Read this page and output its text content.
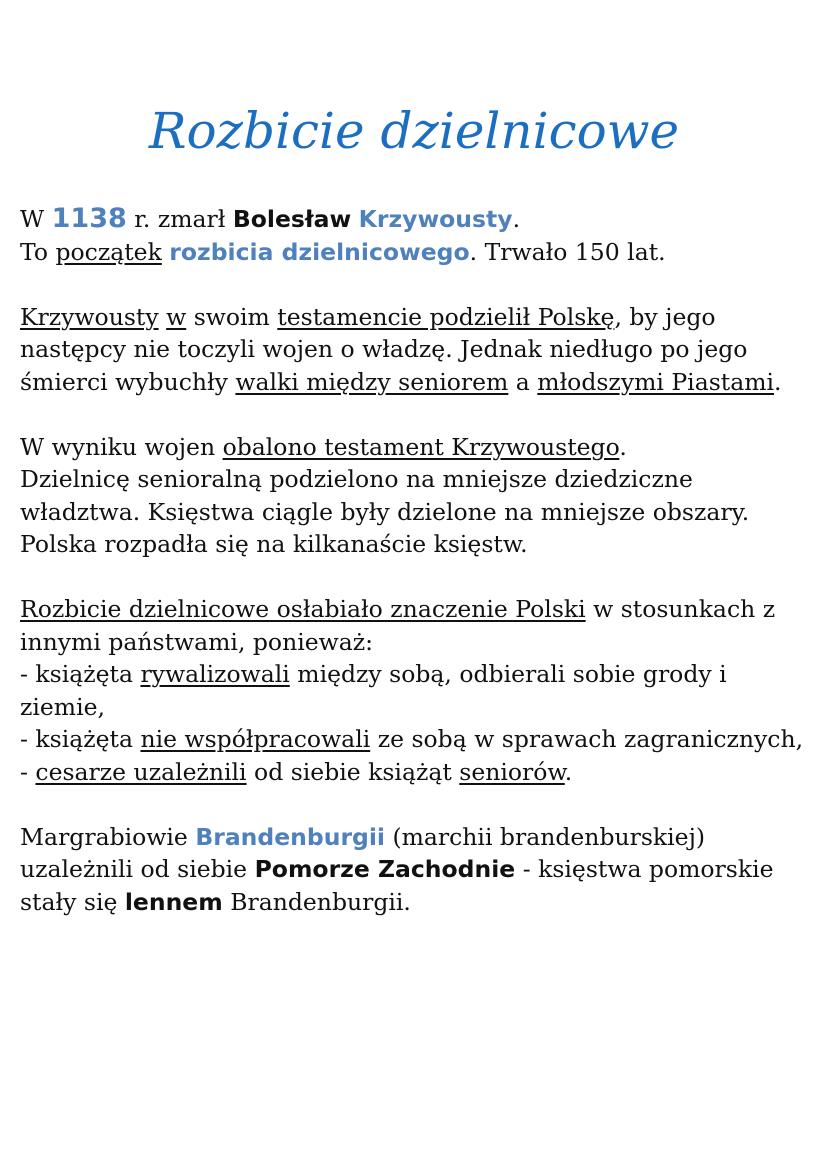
Rozbicie dzielnicowe

W 1138 r. zmarł Bolesław Krzywousty.
To początek rozbicia dzielnicowego. Trwało 150 lat.

Krzywousty w swoim testamencie podzielił Polskę, by jego następcy nie toczyli wojen o władzę. Jednak niedługo po jego śmierci wybuchły walki między seniorem a młodszymi Piastami.

W wyniku wojen obalono testament Krzywoustego.
Dzielnicę senioralną podzielono na mniejsze dziedziczne władztwa. Księstwa ciągle były dzielone na mniejsze obszary.
Polska rozpadła się na kilkanaście księstw.

Rozbicie dzielnicowe osłabiało znaczenie Polski w stosunkach z innymi państwami, ponieważ:
- książęta rywalizowali między sobą, odbierali sobie grody i ziemie,
- książęta nie współpracowali ze sobą w sprawach zagranicznych,
- cesarze uzależnili od siebie książąt seniorów.

Margrabiowie Brandenburgii (marchii brandenburskiej) uzależnili od siebie Pomorze Zachodnie - księstwa pomorskie stały się lennem Brandenburgii.
